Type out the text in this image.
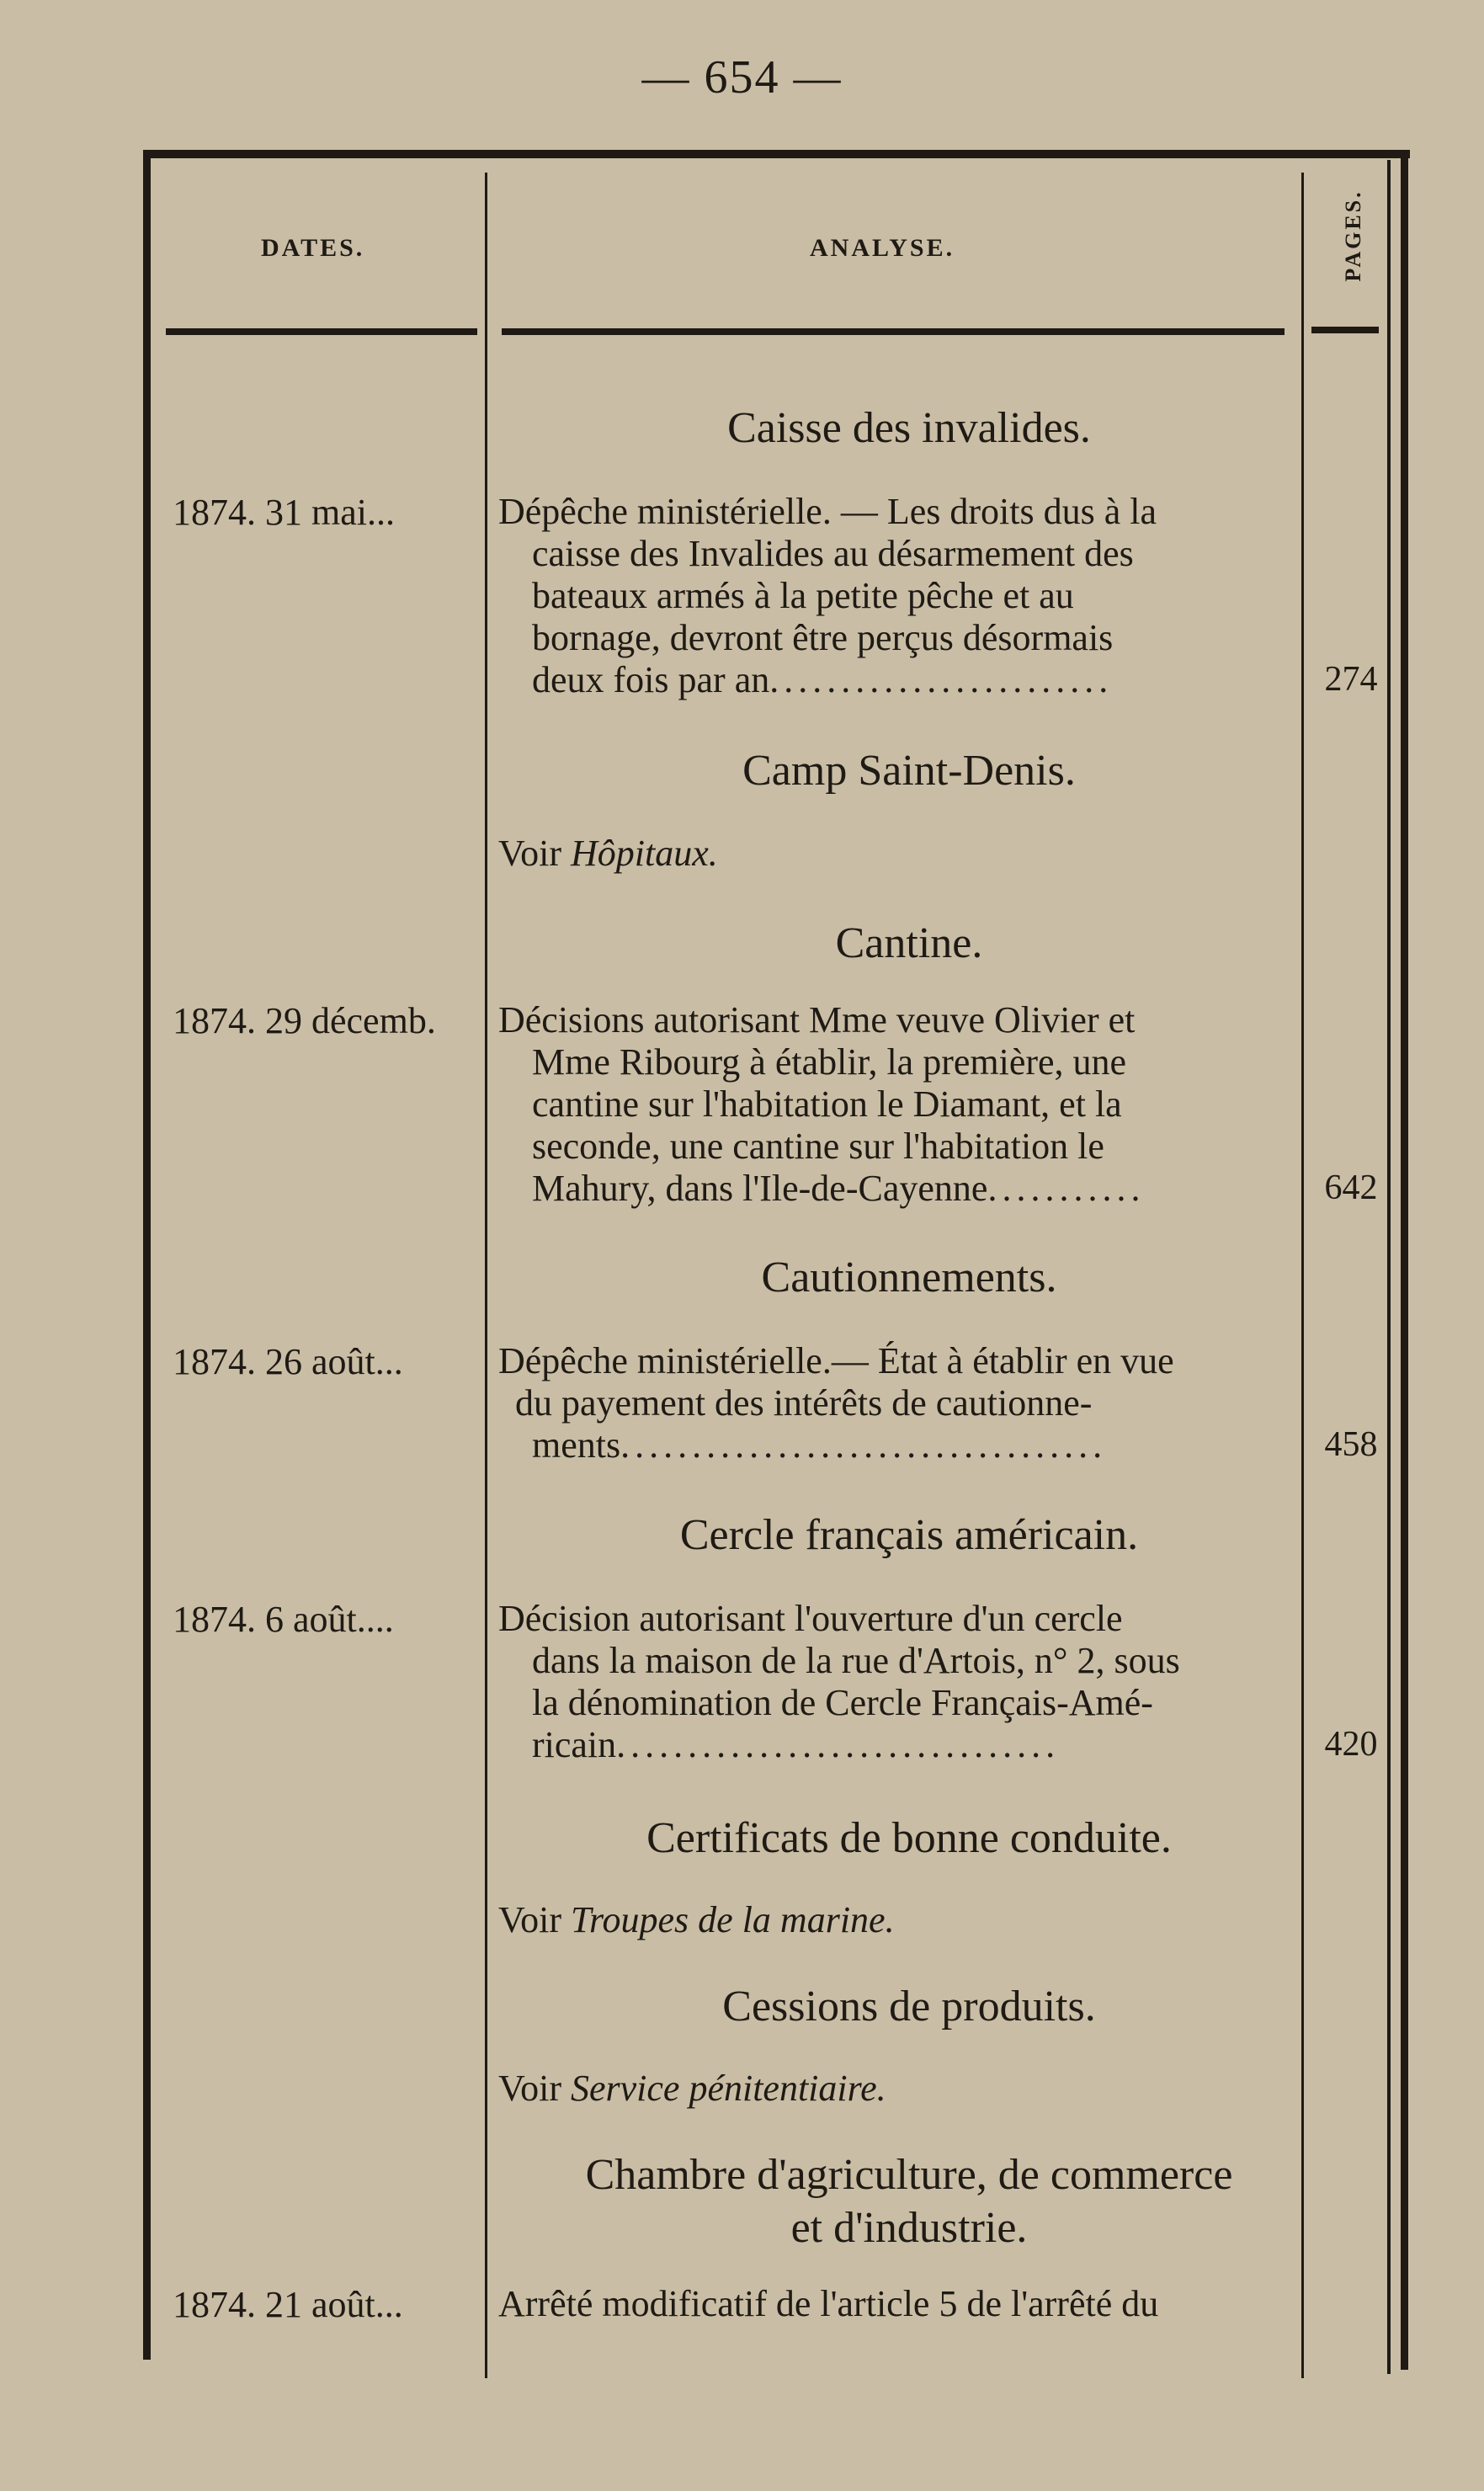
— 654 —
DATES.	ANALYSE.	PAGES.
Caisse des invalides.
1874. 31 mai...	Dépêche ministérielle. — Les droits dus à la
caisse des Invalides au désarmement des
bateaux armés à la petite pêche et au
bornage, devront être perçus désormais
deux fois par an........................	274
Camp Saint-Denis.
Voir Hôpitaux.
Cantine.
1874. 29 décemb. Décisions autorisant Mme veuve Olivier et
Mme Ribourg à établir, la première, une
cantine sur l'habitation le Diamant, et la
seconde, une cantine sur l'habitation le
Mahury, dans l'Ile-de-Cayenne...........	642
Cautionnements.
1874. 26 août...	Dépêche ministérielle.— État à établir en vue
du payement des intérêts de cautionne-
ments..................................	458
Cercle français américain.
1874. 6 août....	Décision autorisant l'ouverture d'un cercle
dans la maison de la rue d'Artois, n° 2, sous
la dénomination de Cercle Français-Amé-
ricain...............................	420
Certificats de bonne conduite.
Voir Troupes de la marine.
Cessions de produits.
Voir Service pénitentiaire.
Chambre d'agriculture, de commerce
et d'industrie.
1874. 21 août...	Arrêté modificatif de l'article 5 de l'arrêté du
